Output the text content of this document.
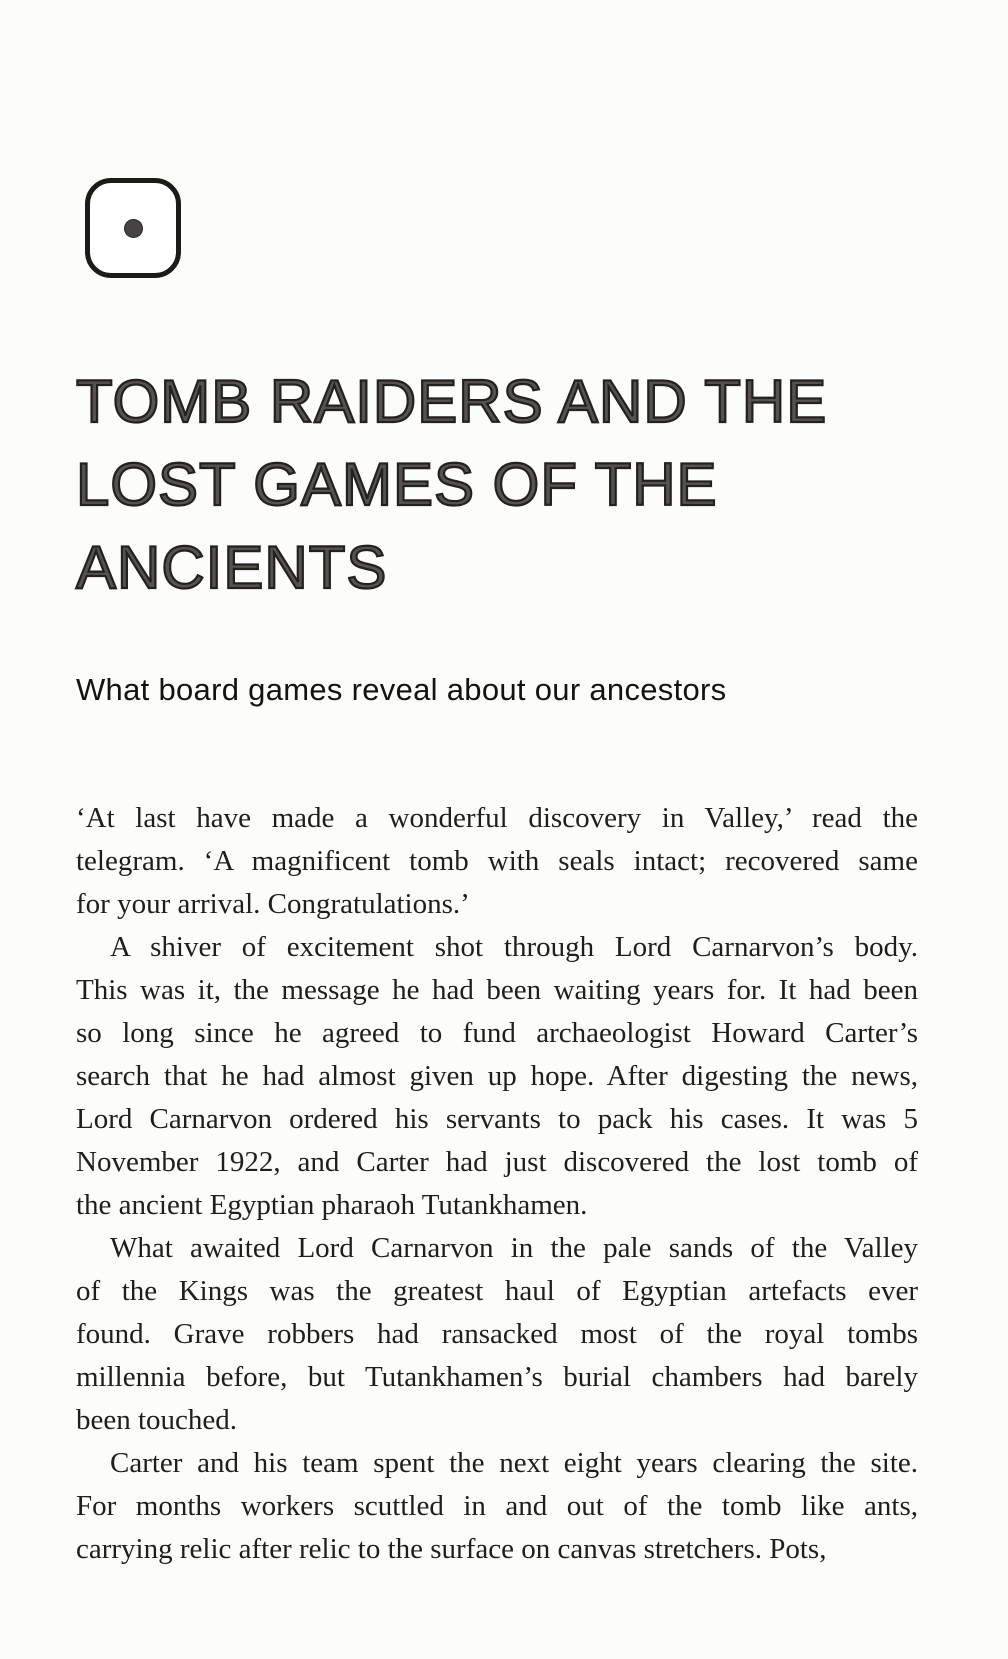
TOMB RAIDERS AND THE
LOST GAMES OF THE
ANCIENTS
What board games reveal about our ancestors
‘At last have made a wonderful discovery in Valley,’ read the
telegram. ‘A magnificent tomb with seals intact; recovered same
for your arrival. Congratulations.’
A shiver of excitement shot through Lord Carnarvon’s body.
This was it, the message he had been waiting years for. It had been
so long since he agreed to fund archaeologist Howard Carter’s
search that he had almost given up hope. After digesting the news,
Lord Carnarvon ordered his servants to pack his cases. It was 5
November 1922, and Carter had just discovered the lost tomb of
the ancient Egyptian pharaoh Tutankhamen.
What awaited Lord Carnarvon in the pale sands of the Valley
of the Kings was the greatest haul of Egyptian artefacts ever
found. Grave robbers had ransacked most of the royal tombs
millennia before, but Tutankhamen’s burial chambers had barely
been touched.
Carter and his team spent the next eight years clearing the site.
For months workers scuttled in and out of the tomb like ants,
carrying relic after relic to the surface on canvas stretchers. Pots,
